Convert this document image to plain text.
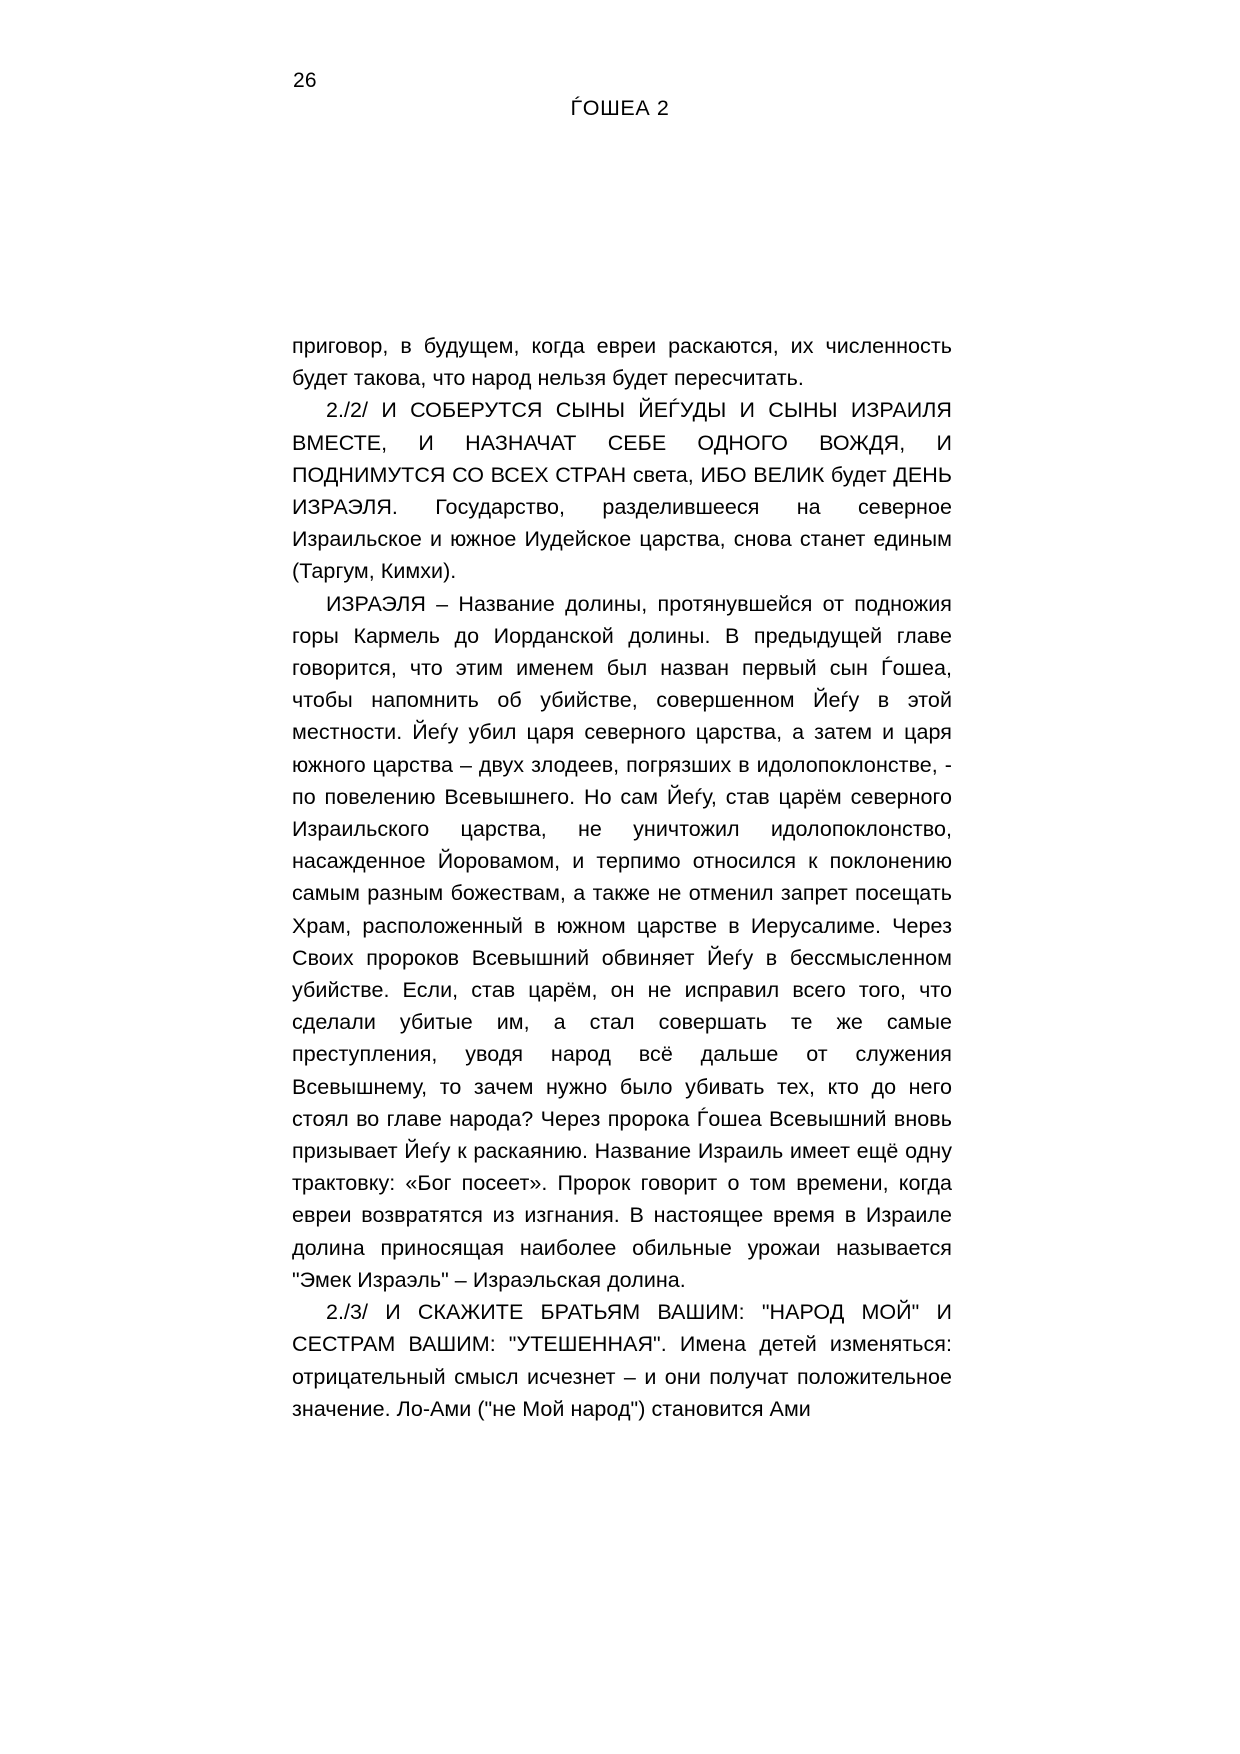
26
ЃОШЕА 2

приговор, в будущем, когда евреи раскаются, их численность будет такова, что народ нельзя будет пересчитать.

2./2/ И СОБЕРУТСЯ СЫНЫ ЙЕЃУДЫ И СЫНЫ ИЗРАИЛЯ ВМЕСТЕ, И НАЗНАЧАТ СЕБЕ ОДНОГО ВОЖДЯ, И ПОДНИМУТСЯ СО ВСЕХ СТРАН света, ИБО ВЕЛИК будет ДЕНЬ ИЗРАЭЛЯ. Государство, разделившееся на северное Израильское и южное Иудейское царства, снова станет единым (Таргум, Кимхи).

ИЗРАЭЛЯ – Название долины, протянувшейся от подножия горы Кармель до Иорданской долины. В предыдущей главе говорится, что этим именем был назван первый сын Ѓошеа, чтобы напомнить об убийстве, совершенном Йеѓу в этой местности. Йеѓу убил царя северного царства, а затем и царя южного царства – двух злодеев, погрязших в идолопоклонстве, - по повелению Всевышнего. Но сам Йеѓу, став царём северного Израильского царства, не уничтожил идолопоклонство, насажденное Йоровамом, и терпимо относился к поклонению самым разным божествам, а также не отменил запрет посещать Храм, расположенный в южном царстве в Иерусалиме. Через Своих пророков Всевышний обвиняет Йеѓу в бессмысленном убийстве. Если, став царём, он не исправил всего того, что сделали убитые им, а стал совершать те же самые преступления, уводя народ всё дальше от служения Всевышнему, то зачем нужно было убивать тех, кто до него стоял во главе народа? Через пророка Ѓошеа Всевышний вновь призывает Йеѓу к раскаянию. Название Израиль имеет ещё одну трактовку: «Бог посеет». Пророк говорит о том времени, когда евреи возвратятся из изгнания. В настоящее время в Израиле долина приносящая наиболее обильные урожаи называется "Эмек Израэль" – Израэльская долина.

2./3/ И СКАЖИТЕ БРАТЬЯМ ВАШИМ: "НАРОД МОЙ" И СЕСТРАМ ВАШИМ: "УТЕШЕННАЯ". Имена детей изменяться: отрицательный смысл исчезнет – и они получат положительное значение. Ло-Ами ("не Мой народ") становится Ами
